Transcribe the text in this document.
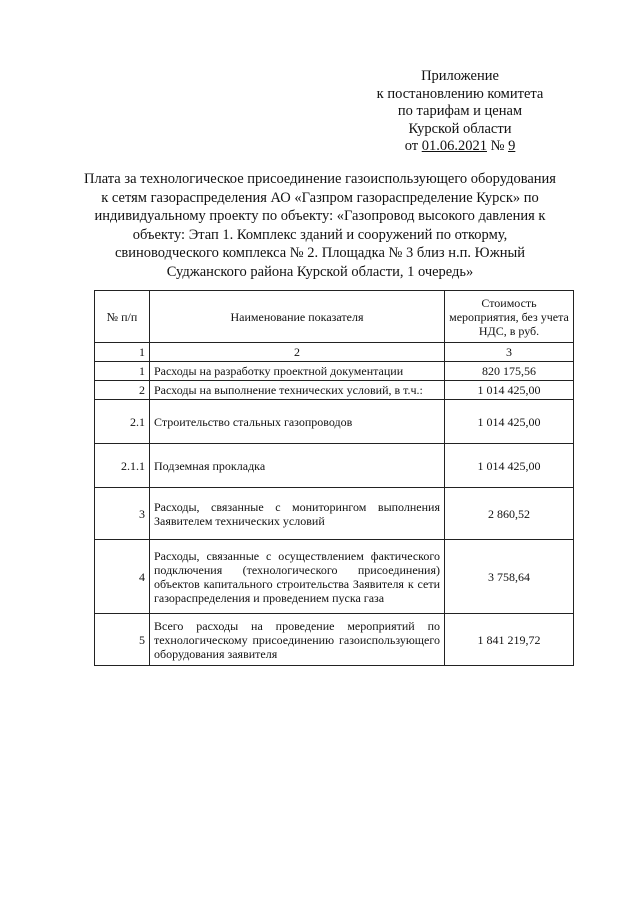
Приложение
к постановлению комитета
по тарифам и ценам
Курской области
от 01.06.2021 № 9
Плата за технологическое присоединение газоиспользующего оборудования к сетям газораспределения АО «Газпром газораспределение Курск» по индивидуальному проекту по объекту: «Газопровод высокого давления к объекту: Этап 1. Комплекс зданий и сооружений по откорму, свиноводческого комплекса № 2. Площадка № 3 близ н.п. Южный Суджанского района Курской области, 1 очередь»
№ п/п	Наименование показателя	Стоимость мероприятия, без учета НДС, в руб.
1	2	3
1	Расходы на разработку проектной документации	820 175,56
2	Расходы на выполнение технических условий, в т.ч.:	1 014 425,00
2.1	Строительство стальных газопроводов	1 014 425,00
2.1.1	Подземная прокладка	1 014 425,00
3	Расходы, связанные с мониторингом выполнения Заявителем технических условий	2 860,52
4	Расходы, связанные с осуществлением фактического подключения (технологического присоединения) объектов капитального строительства Заявителя к сети газораспределения и проведением пуска газа	3 758,64
5	Всего расходы на проведение мероприятий по технологическому присоединению газоиспользующего оборудования заявителя	1 841 219,72
